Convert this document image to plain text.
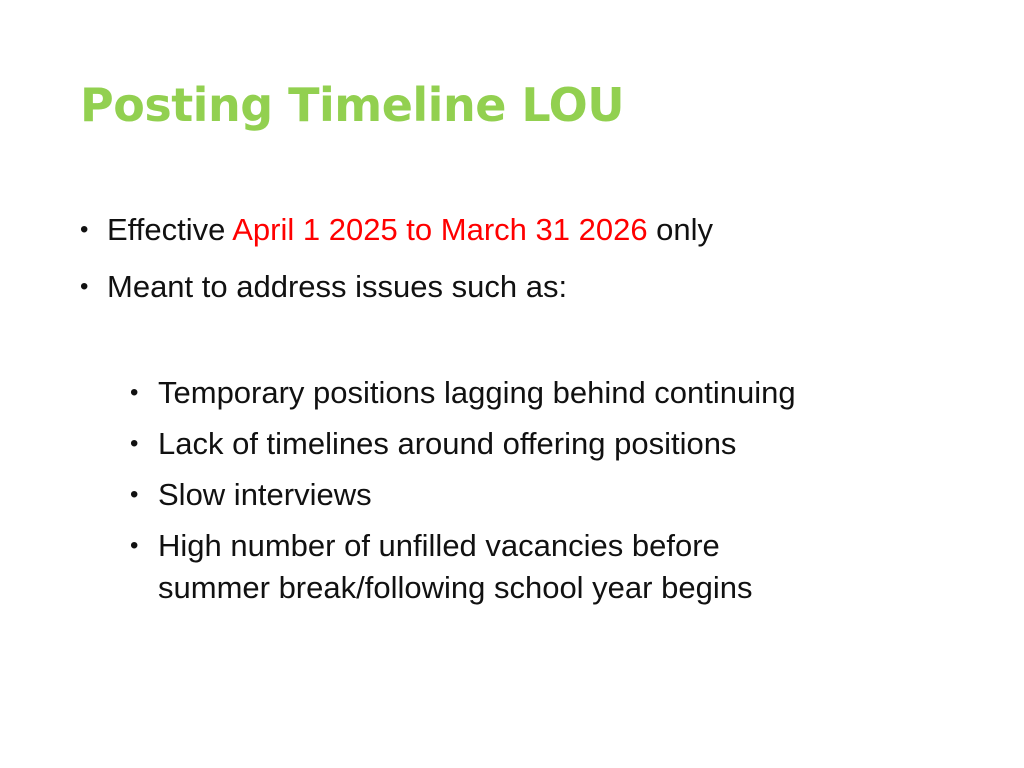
Posting Timeline LOU
• Effective April 1 2025 to March 31 2026 only
• Meant to address issues such as:
• Temporary positions lagging behind continuing
• Lack of timelines around offering positions
• Slow interviews
• High number of unfilled vacancies before
summer break/following school year begins
